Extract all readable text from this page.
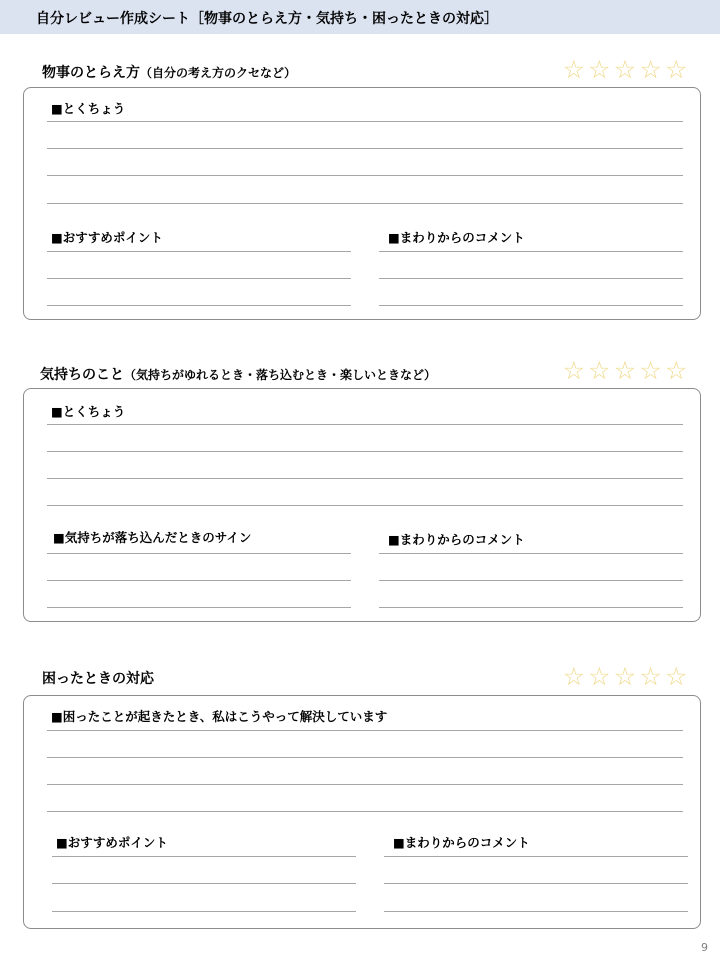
自分レビュー作成シート［物事のとらえ方・気持ち・困ったときの対応］
物事のとらえ方（自分の考え方のクセなど）	☆ ☆ ☆ ☆ ☆
■とくちょう
■おすすめポイント	■まわりからのコメント
気持ちのこと（気持ちがゆれるとき・落ち込むとき・楽しいときなど）	☆ ☆ ☆ ☆ ☆
■とくちょう
■気持ちが落ち込んだときのサイン	■まわりからのコメント
困ったときの対応	☆ ☆ ☆ ☆ ☆
■困ったことが起きたとき、私はこうやって解決しています
■おすすめポイント	■まわりからのコメント
9
